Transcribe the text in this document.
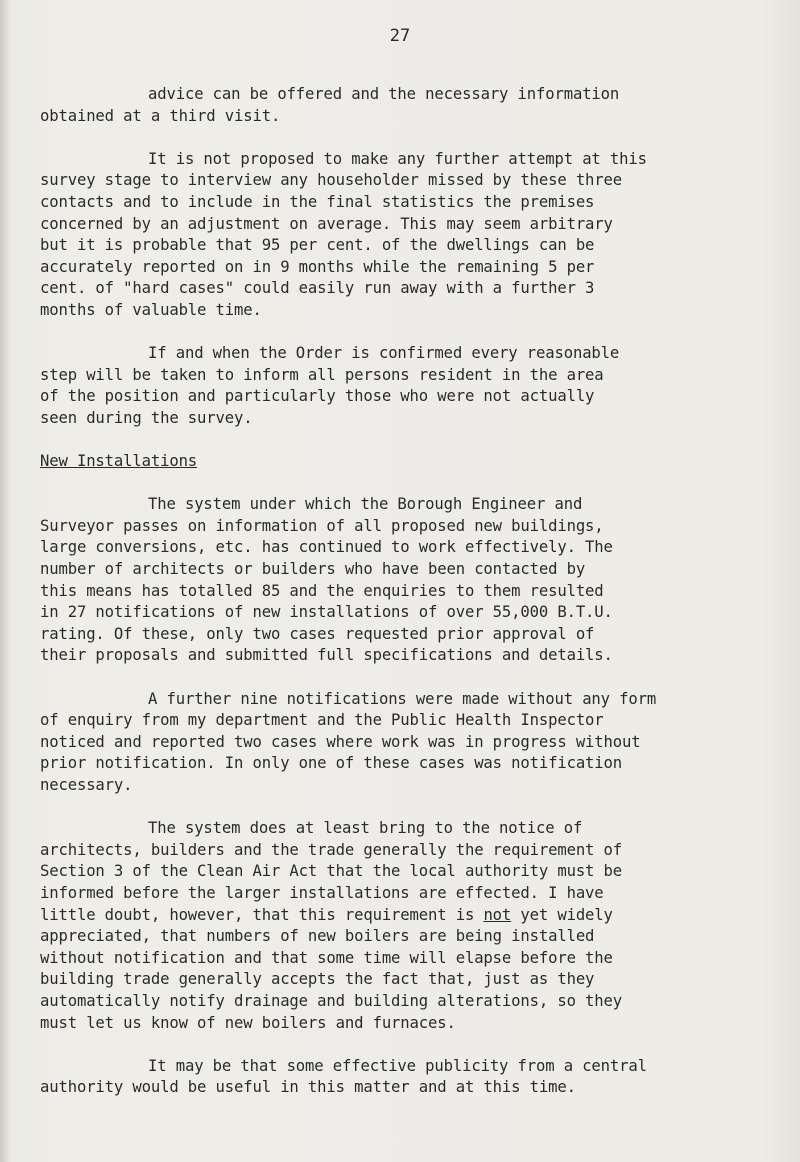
27

advice can be offered and the necessary information
obtained at a third visit.

It is not proposed to make any further attempt at this
survey stage to interview any householder missed by these three
contacts and to include in the final statistics the premises
concerned by an adjustment on average. This may seem arbitrary
but it is probable that 95 per cent. of the dwellings can be
accurately reported on in 9 months while the remaining 5 per
cent. of "hard cases" could easily run away with a further 3
months of valuable time.

If and when the Order is confirmed every reasonable
step will be taken to inform all persons resident in the area
of the position and particularly those who were not actually
seen during the survey.

New Installations

The system under which the Borough Engineer and
Surveyor passes on information of all proposed new buildings,
large conversions, etc. has continued to work effectively. The
number of architects or builders who have been contacted by
this means has totalled 85 and the enquiries to them resulted
in 27 notifications of new installations of over 55,000 B.T.U.
rating. Of these, only two cases requested prior approval of
their proposals and submitted full specifications and details.

A further nine notifications were made without any form
of enquiry from my department and the Public Health Inspector
noticed and reported two cases where work was in progress without
prior notification. In only one of these cases was notification
necessary.

The system does at least bring to the notice of
architects, builders and the trade generally the requirement of
Section 3 of the Clean Air Act that the local authority must be
informed before the larger installations are effected. I have
little doubt, however, that this requirement is not yet widely
appreciated, that numbers of new boilers are being installed
without notification and that some time will elapse before the
building trade generally accepts the fact that, just as they
automatically notify drainage and building alterations, so they
must let us know of new boilers and furnaces.

It may be that some effective publicity from a central
authority would be useful in this matter and at this time.
